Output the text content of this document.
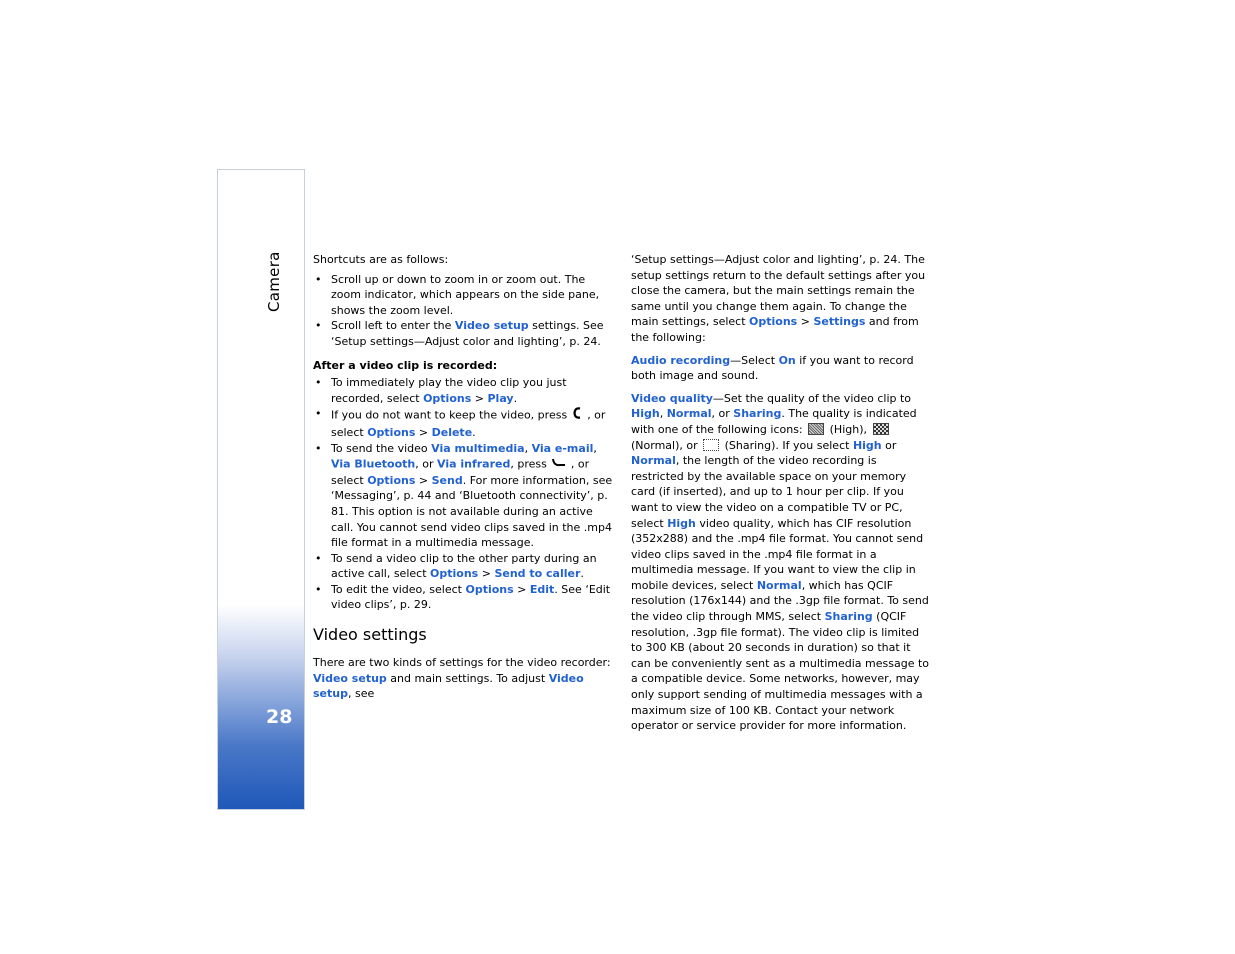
Camera
28

Shortcuts are as follows:

• Scroll up or down to zoom in or zoom out. The zoom indicator, which appears on the side pane, shows the zoom level.
• Scroll left to enter the Video setup settings. See ‘Setup settings—Adjust color and lighting’, p. 24.

After a video clip is recorded:

• To immediately play the video clip you just recorded, select Options > Play.
• If you do not want to keep the video, press , or select Options > Delete.
• To send the video Via multimedia, Via e-mail, Via Bluetooth, or Via infrared, press , or select Options > Send. For more information, see ‘Messaging’, p. 44 and ‘Bluetooth connectivity’, p. 81. This option is not available during an active call. You cannot send video clips saved in the .mp4 file format in a multimedia message.
• To send a video clip to the other party during an active call, select Options > Send to caller.
• To edit the video, select Options > Edit. See ‘Edit video clips’, p. 29.
Video settings

There are two kinds of settings for the video recorder: Video setup and main settings. To adjust Video setup, see

‘Setup settings—Adjust color and lighting’, p. 24. The setup settings return to the default settings after you close the camera, but the main settings remain the same until you change them again. To change the main settings, select Options > Settings and from the following:

Audio recording—Select On if you want to record both image and sound.

Video quality—Set the quality of the video clip to High, Normal, or Sharing. The quality is indicated with one of the following icons:  (High),  (Normal), or  (Sharing). If you select High or Normal, the length of the video recording is restricted by the available space on your memory card (if inserted), and up to 1 hour per clip. If you want to view the video on a compatible TV or PC, select High video quality, which has CIF resolution (352x288) and the .mp4 file format. You cannot send video clips saved in the .mp4 file format in a multimedia message. If you want to view the clip in mobile devices, select Normal, which has QCIF resolution (176x144) and the .3gp file format. To send the video clip through MMS, select Sharing (QCIF resolution, .3gp file format). The video clip is limited to 300 KB (about 20 seconds in duration) so that it can be conveniently sent as a multimedia message to a compatible device. Some networks, however, may only support sending of multimedia messages with a maximum size of 100 KB. Contact your network operator or service provider for more information.
